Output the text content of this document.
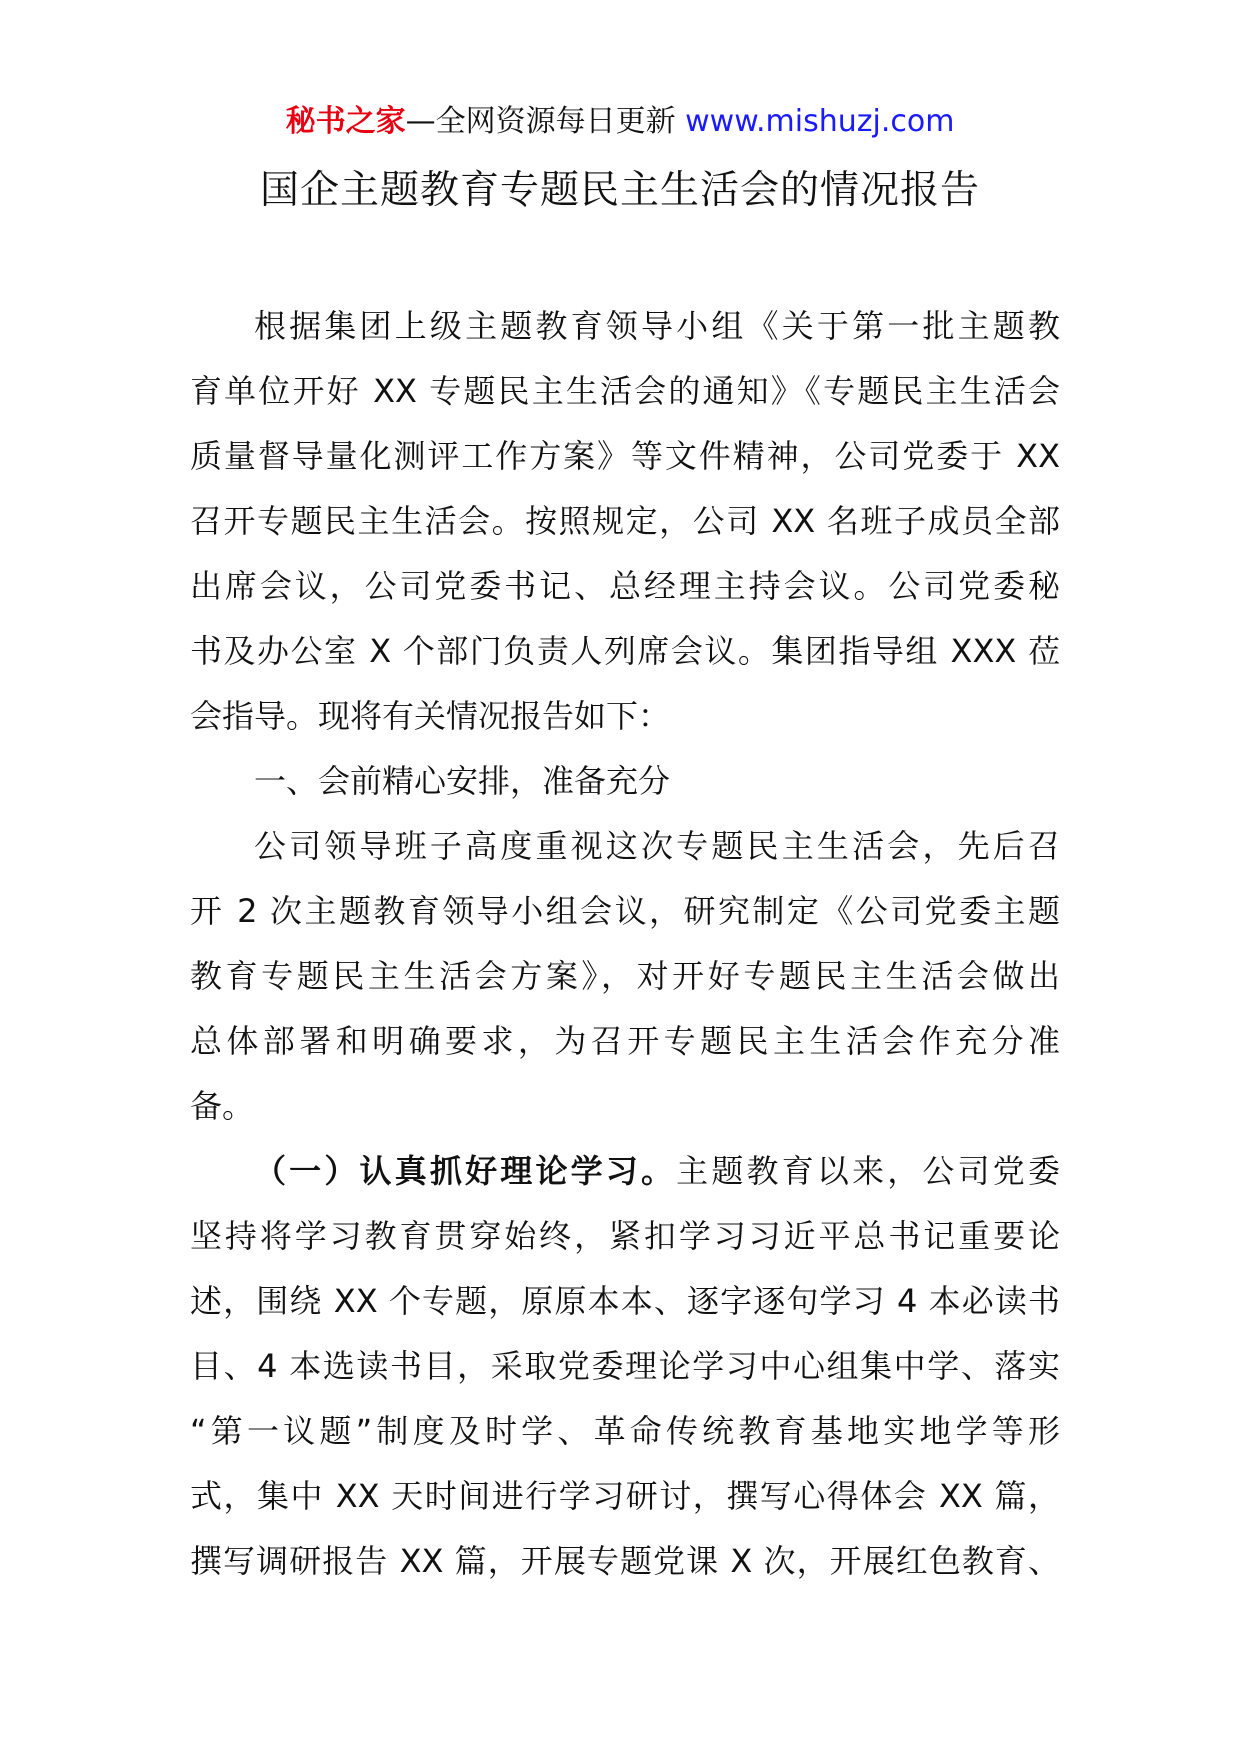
秘书之家—全网资源每日更新 www.mishuzj.com
国企主题教育专题民主生活会的情况报告
根据集团上级主题教育领导小组《关于第一批主题教
育单位开好 XX 专题民主生活会的通知》《专题民主生活会
质量督导量化测评工作方案》等文件精神，公司党委于 XX
召开专题民主生活会。按照规定，公司 XX 名班子成员全部
出席会议，公司党委书记、总经理主持会议。公司党委秘
书及办公室 X 个部门负责人列席会议。集团指导组 XXX 莅
会指导。现将有关情况报告如下：
一、会前精心安排，准备充分
公司领导班子高度重视这次专题民主生活会，先后召
开 2 次主题教育领导小组会议，研究制定《公司党委主题
教育专题民主生活会方案》，对开好专题民主生活会做出
总体部署和明确要求，为召开专题民主生活会作充分准
备。
（一）认真抓好理论学习。主题教育以来，公司党委
坚持将学习教育贯穿始终，紧扣学习习近平总书记重要论
述，围绕 XX 个专题，原原本本、逐字逐句学习 4 本必读书
目、4 本选读书目，采取党委理论学习中心组集中学、落实
“第一议题”制度及时学、革命传统教育基地实地学等形
式，集中 XX 天时间进行学习研讨，撰写心得体会 XX 篇，
撰写调研报告 XX 篇，开展专题党课 X 次，开展红色教育、
